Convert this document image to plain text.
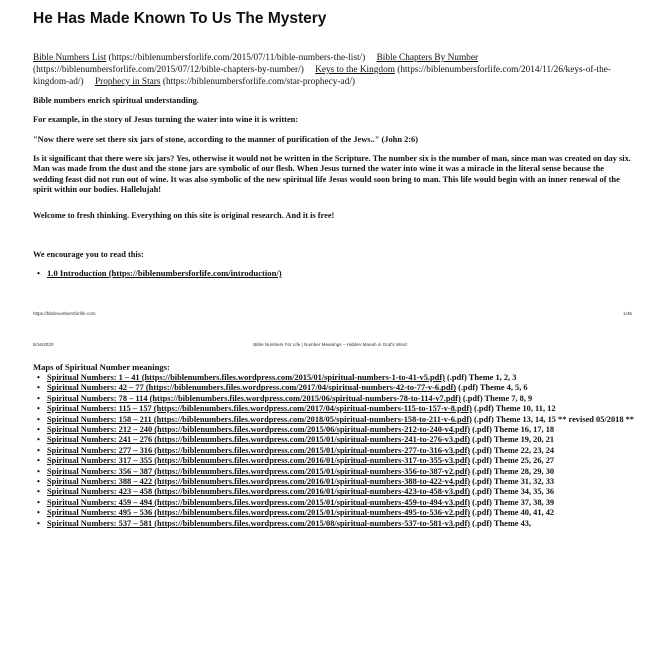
He Has Made Known To Us The Mystery
Bible Numbers List (https://biblenumbersforlife.com/2015/07/11/bible-numbers-the-list/) Bible Chapters By Number (https://biblenumbersforlife.com/2015/07/12/bible-chapters-by-number/) Keys to the Kingdom (https://biblenumbersforlife.com/2014/11/26/keys-of-the-kingdom-ad/) Prophecy in Stars (https://biblenumbersforlife.com/star-prophecy-ad/)
Bible numbers enrich spiritual understanding.
For example, in the story of Jesus turning the water into wine it is written:
"Now there were set there six jars of stone, according to the manner of purification of the Jews.." (John 2:6)
Is it significant that there were six jars? Yes, otherwise it would not be written in the Scripture. The number six is the number of man, since man was created on day six. Man was made from the dust and the stone jars are symbolic of our flesh. When Jesus turned the water into wine it was a miracle in the literal sense because the wedding feast did not run out of wine. It was also symbolic of the new spiritual life Jesus would soon bring to man. This life would begin with an inner renewal of the spirit within our bodies. Hallelujah!
Welcome to fresh thinking. Everything on this site is original research. And it is free!
We encourage you to read this:
• 1.0 Introduction (https://biblenumbersforlife.com/introduction/)
https://biblenumbersforlife.com	1/45
5/16/2020	Bible Numbers For Life | Number Meanings – Hidden Manah in God's Word
Maps of Spiritual Number meanings:
• Spiritual Numbers: 1 – 41 (https://biblenumbers.files.wordpress.com/2015/01/spiritual-numbers-1-to-41-v5.pdf) (.pdf) Theme 1, 2, 3
• Spiritual Numbers: 42 – 77 (https://biblenumbers.files.wordpress.com/2017/04/spiritual-numbers-42-to-77-v-6.pdf) (.pdf) Theme 4, 5, 6
• Spiritual Numbers: 78 – 114 (https://biblenumbers.files.wordpress.com/2015/06/spiritual-numbers-78-to-114-v7.pdf) (.pdf) Theme 7, 8, 9
• Spiritual Numbers: 115 – 157 (https://biblenumbers.files.wordpress.com/2017/04/spiritual-numbers-115-to-157-v-8.pdf) (.pdf) Theme 10, 11, 12
• Spiritual Numbers: 158 – 211 (https://biblenumbers.files.wordpress.com/2018/05/spiritual-numbers-158-to-211-v-6.pdf) (.pdf) Theme 13, 14, 15 ** revised 05/2018 **
• Spiritual Numbers: 212 – 240 (https://biblenumbers.files.wordpress.com/2015/06/spiritual-numbers-212-to-240-v4.pdf) (.pdf) Theme 16, 17, 18
• Spiritual Numbers: 241 – 276 (https://biblenumbers.files.wordpress.com/2015/01/spiritual-numbers-241-to-276-v3.pdf) (.pdf) Theme 19, 20, 21
• Spiritual Numbers: 277 – 316 (https://biblenumbers.files.wordpress.com/2015/01/spiritual-numbers-277-to-316-v3.pdf) (.pdf) Theme 22, 23, 24
• Spiritual Numbers: 317 – 355 (https://biblenumbers.files.wordpress.com/2016/01/spiritual-numbers-317-to-355-v3.pdf) (.pdf) Theme 25, 26, 27
• Spiritual Numbers: 356 – 387 (https://biblenumbers.files.wordpress.com/2015/01/spiritual-numbers-356-to-387-v2.pdf) (.pdf) Theme 28, 29, 30
• Spiritual Numbers: 388 – 422 (https://biblenumbers.files.wordpress.com/2016/01/spiritual-numbers-388-to-422-v4.pdf) (.pdf) Theme 31, 32, 33
• Spiritual Numbers: 423 – 458 (https://biblenumbers.files.wordpress.com/2016/01/spiritual-numbers-423-to-458-v3.pdf) (.pdf) Theme 34, 35, 36
• Spiritual Numbers: 459 – 494 (https://biblenumbers.files.wordpress.com/2015/01/spiritual-numbers-459-to-494-v3.pdf) (.pdf) Theme 37, 38, 39
• Spiritual Numbers: 495 – 536 (https://biblenumbers.files.wordpress.com/2015/01/spiritual-numbers-495-to-536-v2.pdf) (.pdf) Theme 40, 41, 42
• Spiritual Numbers: 537 – 581 (https://biblenumbers.files.wordpress.com/2015/08/spiritual-numbers-537-to-581-v3.pdf) (.pdf) Theme 43,
